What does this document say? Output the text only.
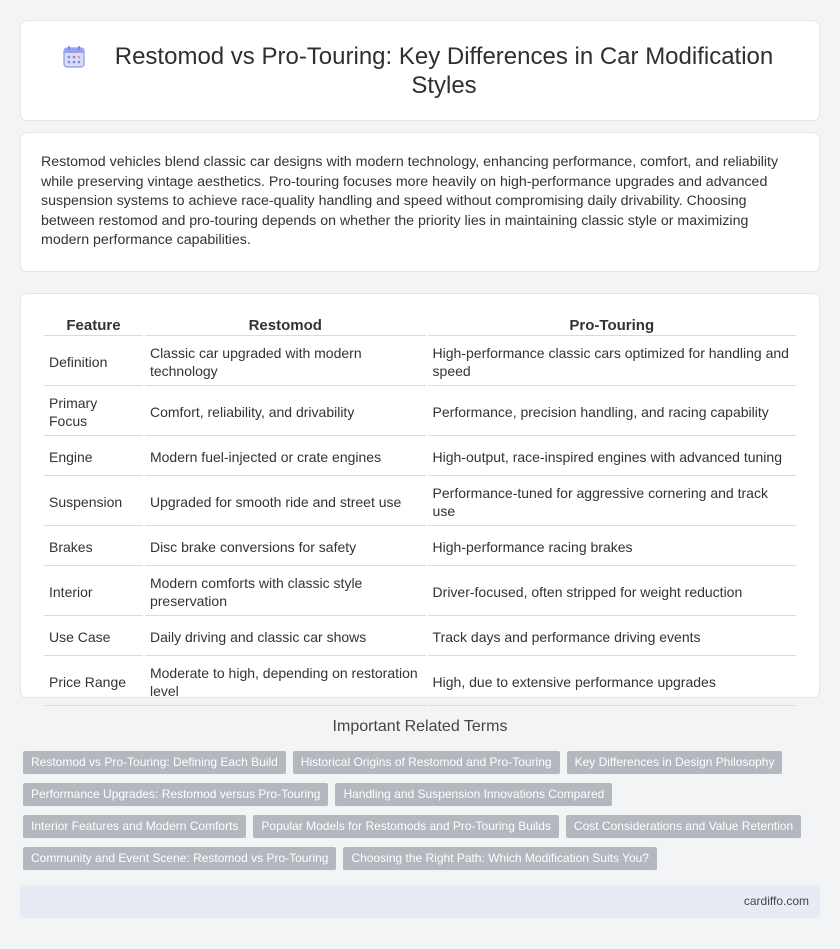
Restomod vs Pro-Touring: Key Differences in Car Modification Styles

Restomod vehicles blend classic car designs with modern technology, enhancing performance, comfort, and reliability while preserving vintage aesthetics. Pro-touring focuses more heavily on high-performance upgrades and advanced suspension systems to achieve race-quality handling and speed without compromising daily drivability. Choosing between restomod and pro-touring depends on whether the priority lies in maintaining classic style or maximizing modern performance capabilities.

Feature	Restomod	Pro-Touring
Definition	Classic car upgraded with modern technology	High-performance classic cars optimized for handling and speed
Primary Focus	Comfort, reliability, and drivability	Performance, precision handling, and racing capability
Engine	Modern fuel-injected or crate engines	High-output, race-inspired engines with advanced tuning
Suspension	Upgraded for smooth ride and street use	Performance-tuned for aggressive cornering and track use
Brakes	Disc brake conversions for safety	High-performance racing brakes
Interior	Modern comforts with classic style preservation	Driver-focused, often stripped for weight reduction
Use Case	Daily driving and classic car shows	Track days and performance driving events
Price Range	Moderate to high, depending on restoration level	High, due to extensive performance upgrades
Important Related Terms
Restomod vs Pro-Touring: Defining Each Build	Historical Origins of Restomod and Pro-Touring	Key Differences in Design Philosophy
Performance Upgrades: Restomod versus Pro-Touring	Handling and Suspension Innovations Compared
Interior Features and Modern Comforts	Popular Models for Restomods and Pro-Touring Builds	Cost Considerations and Value Retention
Community and Event Scene: Restomod vs Pro-Touring	Choosing the Right Path: Which Modification Suits You?
cardiffo.com
